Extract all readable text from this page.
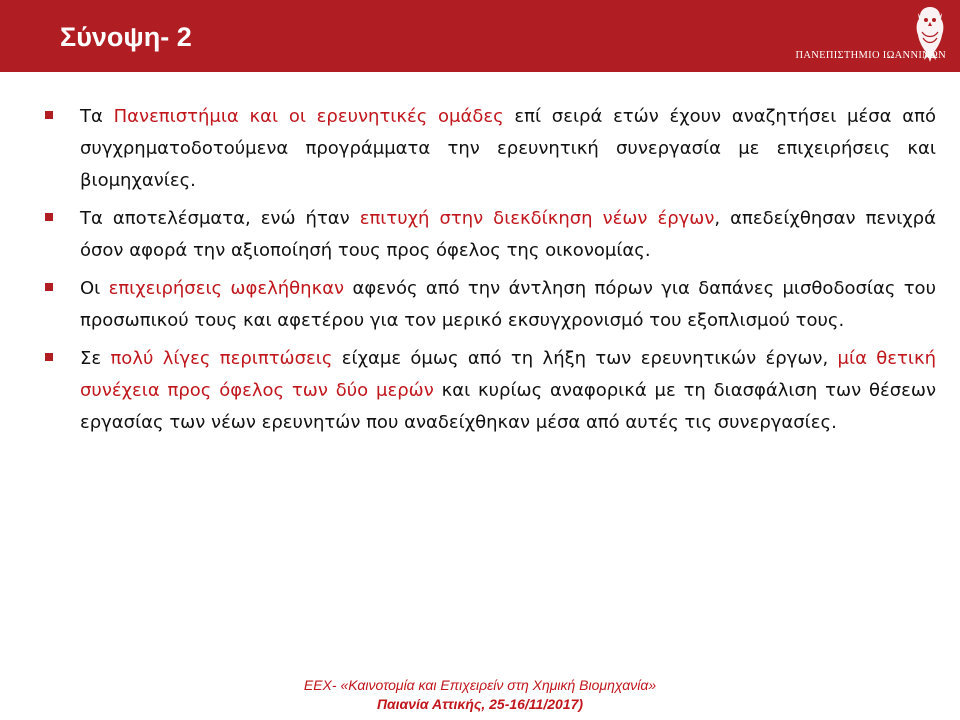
Σύνοψη- 2
ΠΑΝΕΠΙΣΤΗΜΙΟ ΙΩΑΝΝΙΝΩΝ
Τα Πανεπιστήμια και οι ερευνητικές ομάδες επί σειρά ετών έχουν αναζητήσει μέσα από συγχρηματοδοτούμενα προγράμματα την ερευνητική συνεργασία με επιχειρήσεις και βιομηχανίες.
Τα αποτελέσματα, ενώ ήταν επιτυχή στην διεκδίκηση νέων έργων, απεδείχθησαν πενιχρά όσον αφορά την αξιοποίησή τους προς όφελος της οικονομίας.
Οι επιχειρήσεις ωφελήθηκαν αφενός από την άντληση πόρων για δαπάνες μισθοδοσίας του προσωπικού τους και αφετέρου για τον μερικό εκσυγχρονισμό του εξοπλισμού τους.
Σε πολύ λίγες περιπτώσεις είχαμε όμως από τη λήξη των ερευνητικών έργων, μία θετική συνέχεια προς όφελος των δύο μερών και κυρίως αναφορικά με τη διασφάλιση των θέσεων εργασίας των νέων ερευνητών που αναδείχθηκαν μέσα από αυτές τις συνεργασίες.
ΕΕΧ- «Καινοτομία και Επιχειρείν στη Χημική Βιομηχανία»
Παιανία Αττικής, 25-16/11/2017)
